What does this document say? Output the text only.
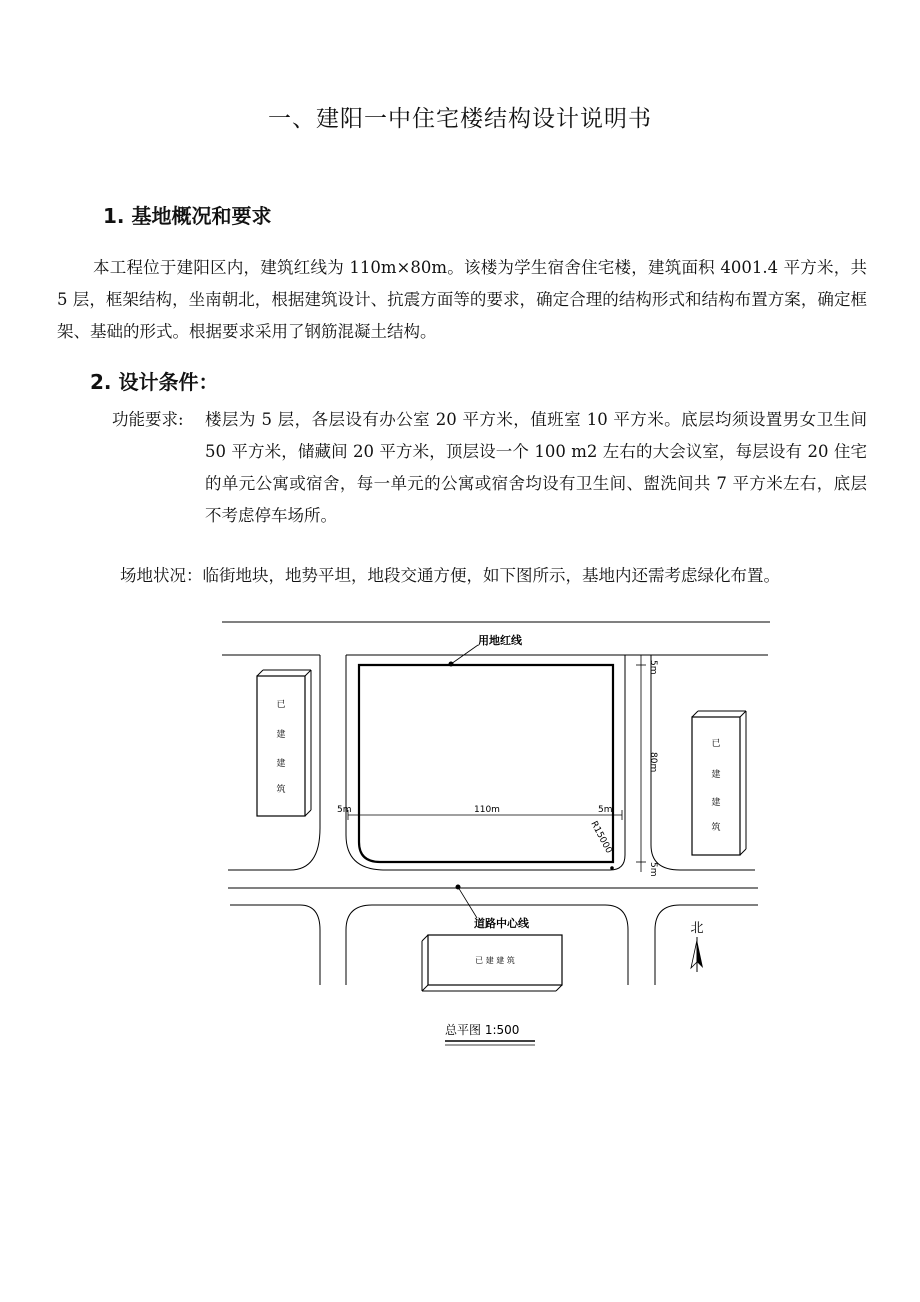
一、建阳一中住宅楼结构设计说明书
1. 基地概况和要求
本工程位于建阳区内，建筑红线为 110m×80m。该楼为学生宿舍住宅楼，建筑面积 4001.4 平方米，共 5 层，框架结构，坐南朝北，根据建筑设计、抗震方面等的要求，确定合理的结构形式和结构布置方案，确定框架、基础的形式。根据要求采用了钢筋混凝土结构。
2. 设计条件：
功能要求: 楼层为 5 层，各层设有办公室 20 平方米，值班室 10 平方米。底层均须设置男女卫生间 50 平方米，储藏间 20 平方米，顶层设一个 100 m2 左右的大会议室，每层设有 20 住宅的单元公寓或宿舍，每一单元的公寓或宿舍均设有卫生间、盥洗间共 7 平方米左右，底层不考虑停车场所。
场地状况：临街地块，地势平坦，地段交通方便，如下图所示，基地内还需考虑绿化布置。
用地红线
5m	110m	5m
5m
80m
5m
R15000
已
建
建
筑
已
建
建
筑
已 建 建 筑
道路中心线	北
总平图 1:500
